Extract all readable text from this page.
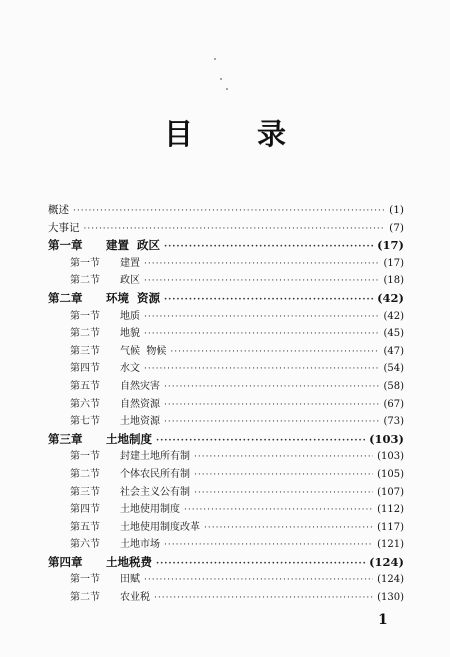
目录
概述 ·····	(1)
大事记 ·····	(7)
第一章	建置  政区 ·····	(17)
第一节	建置 ·····	(17)
第二节	政区 ·····	(18)
第二章	环境  资源 ·····	(42)
第一节	地质 ·····	(42)
第二节	地貌 ·····	(45)
第三节	气候  物候 ·····	(47)
第四节	水文 ·····	(54)
第五节	自然灾害 ·····	(58)
第六节	自然资源 ·····	(67)
第七节	土地资源 ·····	(73)
第三章	土地制度 ·····	(103)
第一节	封建土地所有制 ·····	(103)
第二节	个体农民所有制 ·····	(105)
第三节	社会主义公有制 ·····	(107)
第四节	土地使用制度 ·····	(112)
第五节	土地使用制度改革 ·····	(117)
第六节	土地市场 ·····	(121)
第四章	土地税费 ·····	(124)
第一节	田赋 ·····	(124)
第二节	农业税 ·····	(130)
1
